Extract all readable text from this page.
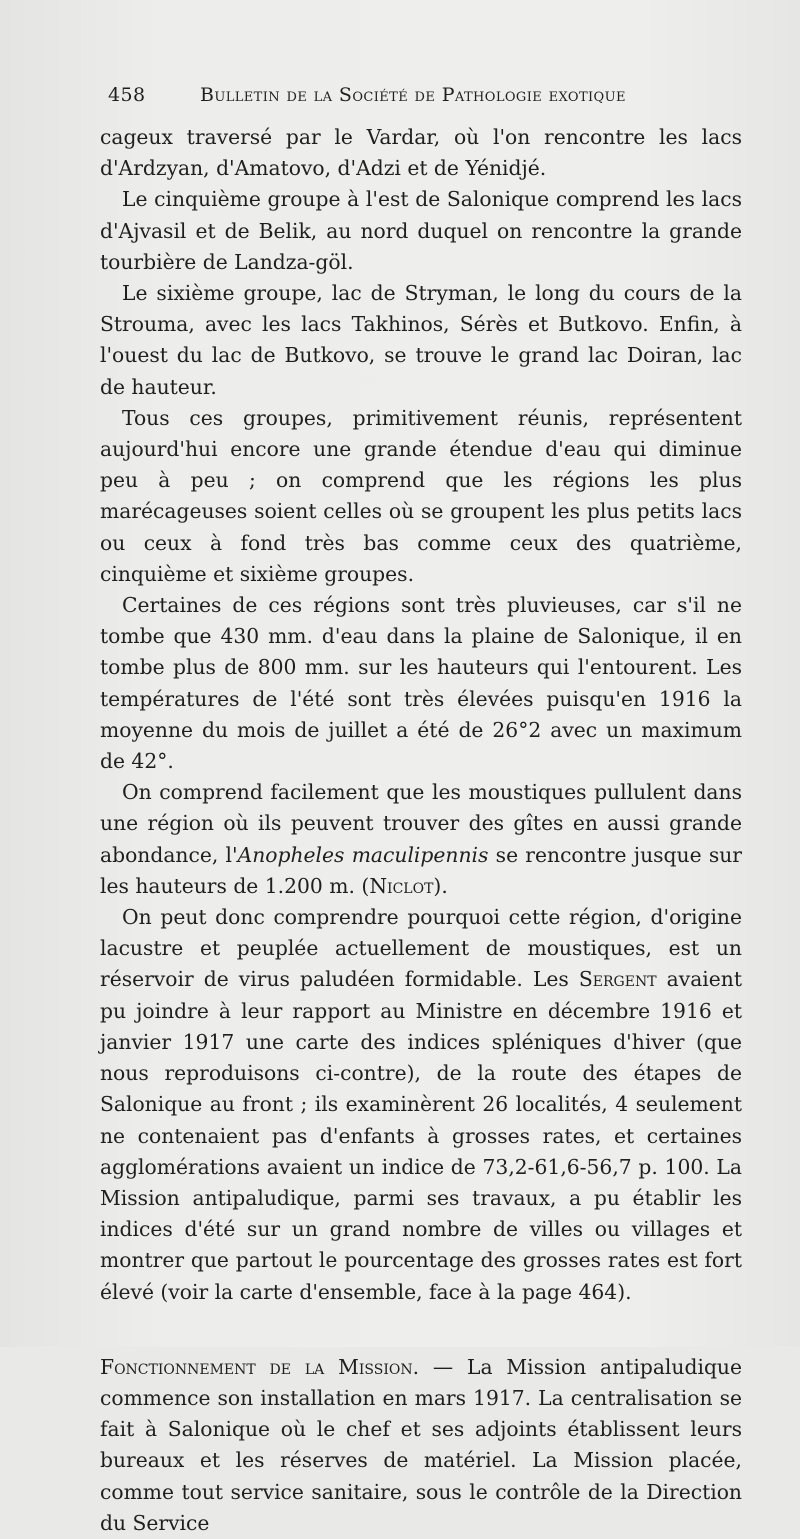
458	Bulletin de la Société de Pathologie exotique

cageux traversé par le Vardar, où l'on rencontre les lacs d'Ardzyan, d'Amatovo, d'Adzi et de Yénidjé.

Le cinquième groupe à l'est de Salonique comprend les lacs d'Ajvasil et de Belik, au nord duquel on rencontre la grande tourbière de Landza-göl.

Le sixième groupe, lac de Stryman, le long du cours de la Strouma, avec les lacs Takhinos, Sérès et Butkovo. Enfin, à l'ouest du lac de Butkovo, se trouve le grand lac Doiran, lac de hauteur.

Tous ces groupes, primitivement réunis, représentent aujourd'hui encore une grande étendue d'eau qui diminue peu à peu ; on comprend que les régions les plus marécageuses soient celles où se groupent les plus petits lacs ou ceux à fond très bas comme ceux des quatrième, cinquième et sixième groupes.

Certaines de ces régions sont très pluvieuses, car s'il ne tombe que 430 mm. d'eau dans la plaine de Salonique, il en tombe plus de 800 mm. sur les hauteurs qui l'entourent. Les températures de l'été sont très élevées puisqu'en 1916 la moyenne du mois de juillet a été de 26°2 avec un maximum de 42°.

On comprend facilement que les moustiques pullulent dans une région où ils peuvent trouver des gîtes en aussi grande abondance, l'Anopheles maculipennis se rencontre jusque sur les hauteurs de 1.200 m. (Niclot).

On peut donc comprendre pourquoi cette région, d'origine lacustre et peuplée actuellement de moustiques, est un réservoir de virus paludéen formidable. Les Sergent avaient pu joindre à leur rapport au Ministre en décembre 1916 et janvier 1917 une carte des indices spléniques d'hiver (que nous reproduisons ci-contre), de la route des étapes de Salonique au front ; ils examinèrent 26 localités, 4 seulement ne contenaient pas d'enfants à grosses rates, et certaines agglomérations avaient un indice de 73,2-61,6-56,7 p. 100. La Mission antipaludique, parmi ses travaux, a pu établir les indices d'été sur un grand nombre de villes ou villages et montrer que partout le pourcentage des grosses rates est fort élevé (voir la carte d'ensemble, face à la page 464).

Fonctionnement de la Mission. — La Mission antipaludique commence son installation en mars 1917. La centralisation se fait à Salonique où le chef et ses adjoints établissent leurs bureaux et les réserves de matériel. La Mission placée, comme tout service sanitaire, sous le contrôle de la Direction du Service
